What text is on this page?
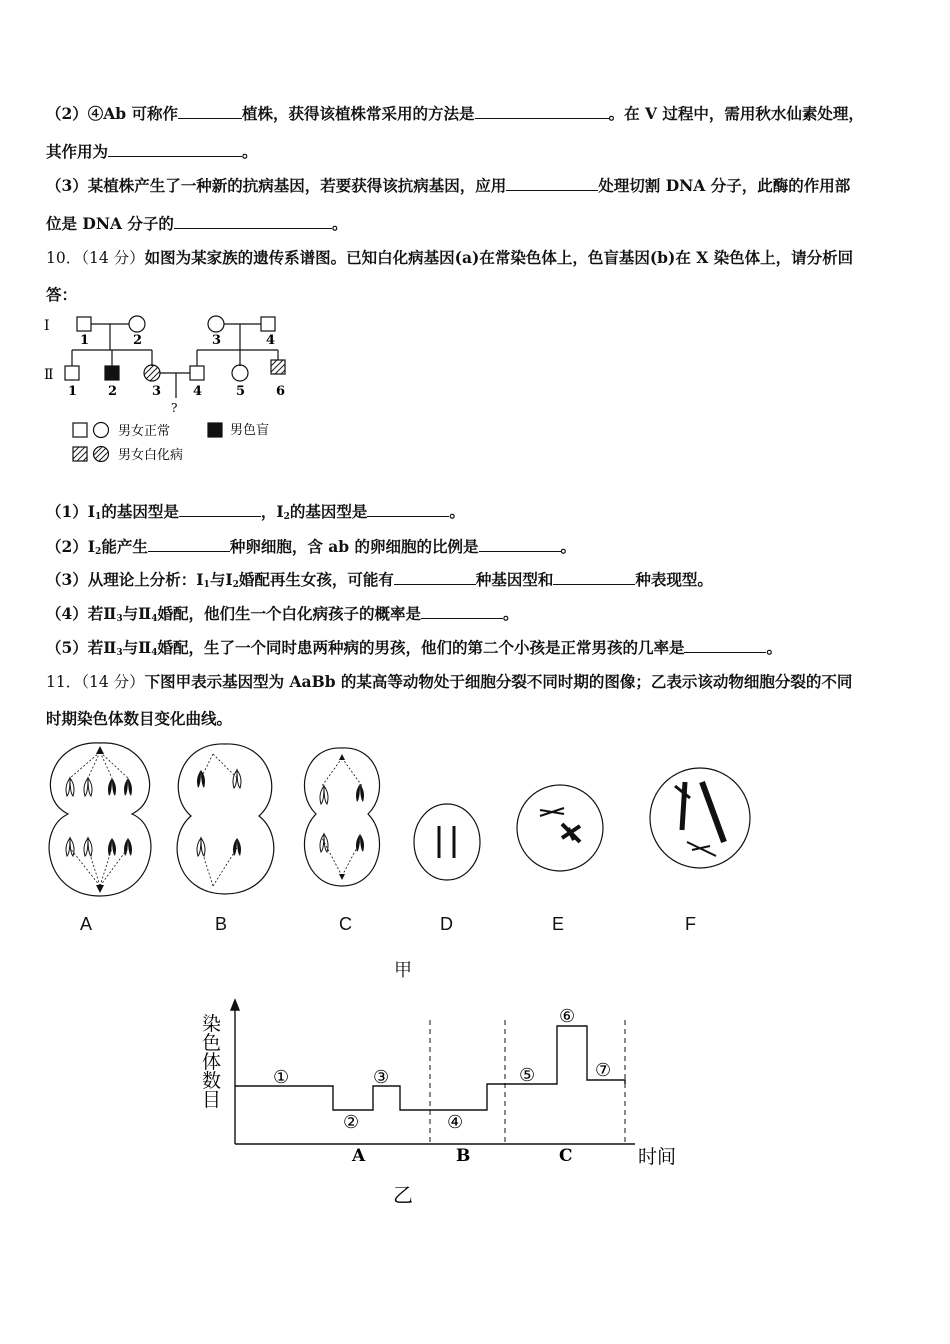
（2）④Ab 可称作	植株，获得该植株常采用的方法是	。在 V 过程中，需用秋水仙素处理，
其作用为	。
（3）某植株产生了一种新的抗病基因，若要获得该抗病基因，应用	处理切割 DNA 分子，此酶的作用部
位是 DNA 分子的	。
10．（14 分）如图为某家族的遗传系谱图。已知白化病基因(a)在常染色体上，色盲基因(b)在 X 染色体上，请分析回
答：
Ⅰ
Ⅱ
1	2	3	4
1 2	3 4	5 6
?
男女正常	男色盲
男女白化病
$(1)Ⅰ_1$的基因型是	，$Ⅰ_2$的基因型是	。
$(2)Ⅰ_2$能产生	种卵细胞，含 ab 的卵细胞的比例是	。
（3）从理论上分析：$Ⅰ_1$与$Ⅰ_2$婚配再生女孩，可能有	种基因型和	种表现型。
（4）若$Ⅱ_3$与$Ⅱ_4$婚配，他们生一个白化病孩子的概率是	。
（5）若$Ⅱ_3$与$Ⅱ_4$婚配，生了一个同时患两种病的男孩，他们的第二个小孩是正常男孩的几率是	。
11．（14 分）下图甲表示基因型为 AaBb 的某高等动物处于细胞分裂不同时期的图像；乙表示该动物细胞分裂的不同
时期染色体数目变化曲线。
A	B	C	D	E	F
甲
染
色
体
数
目
①
②
③
④
⑤
⑥
⑦
A	B	C	时间
乙
